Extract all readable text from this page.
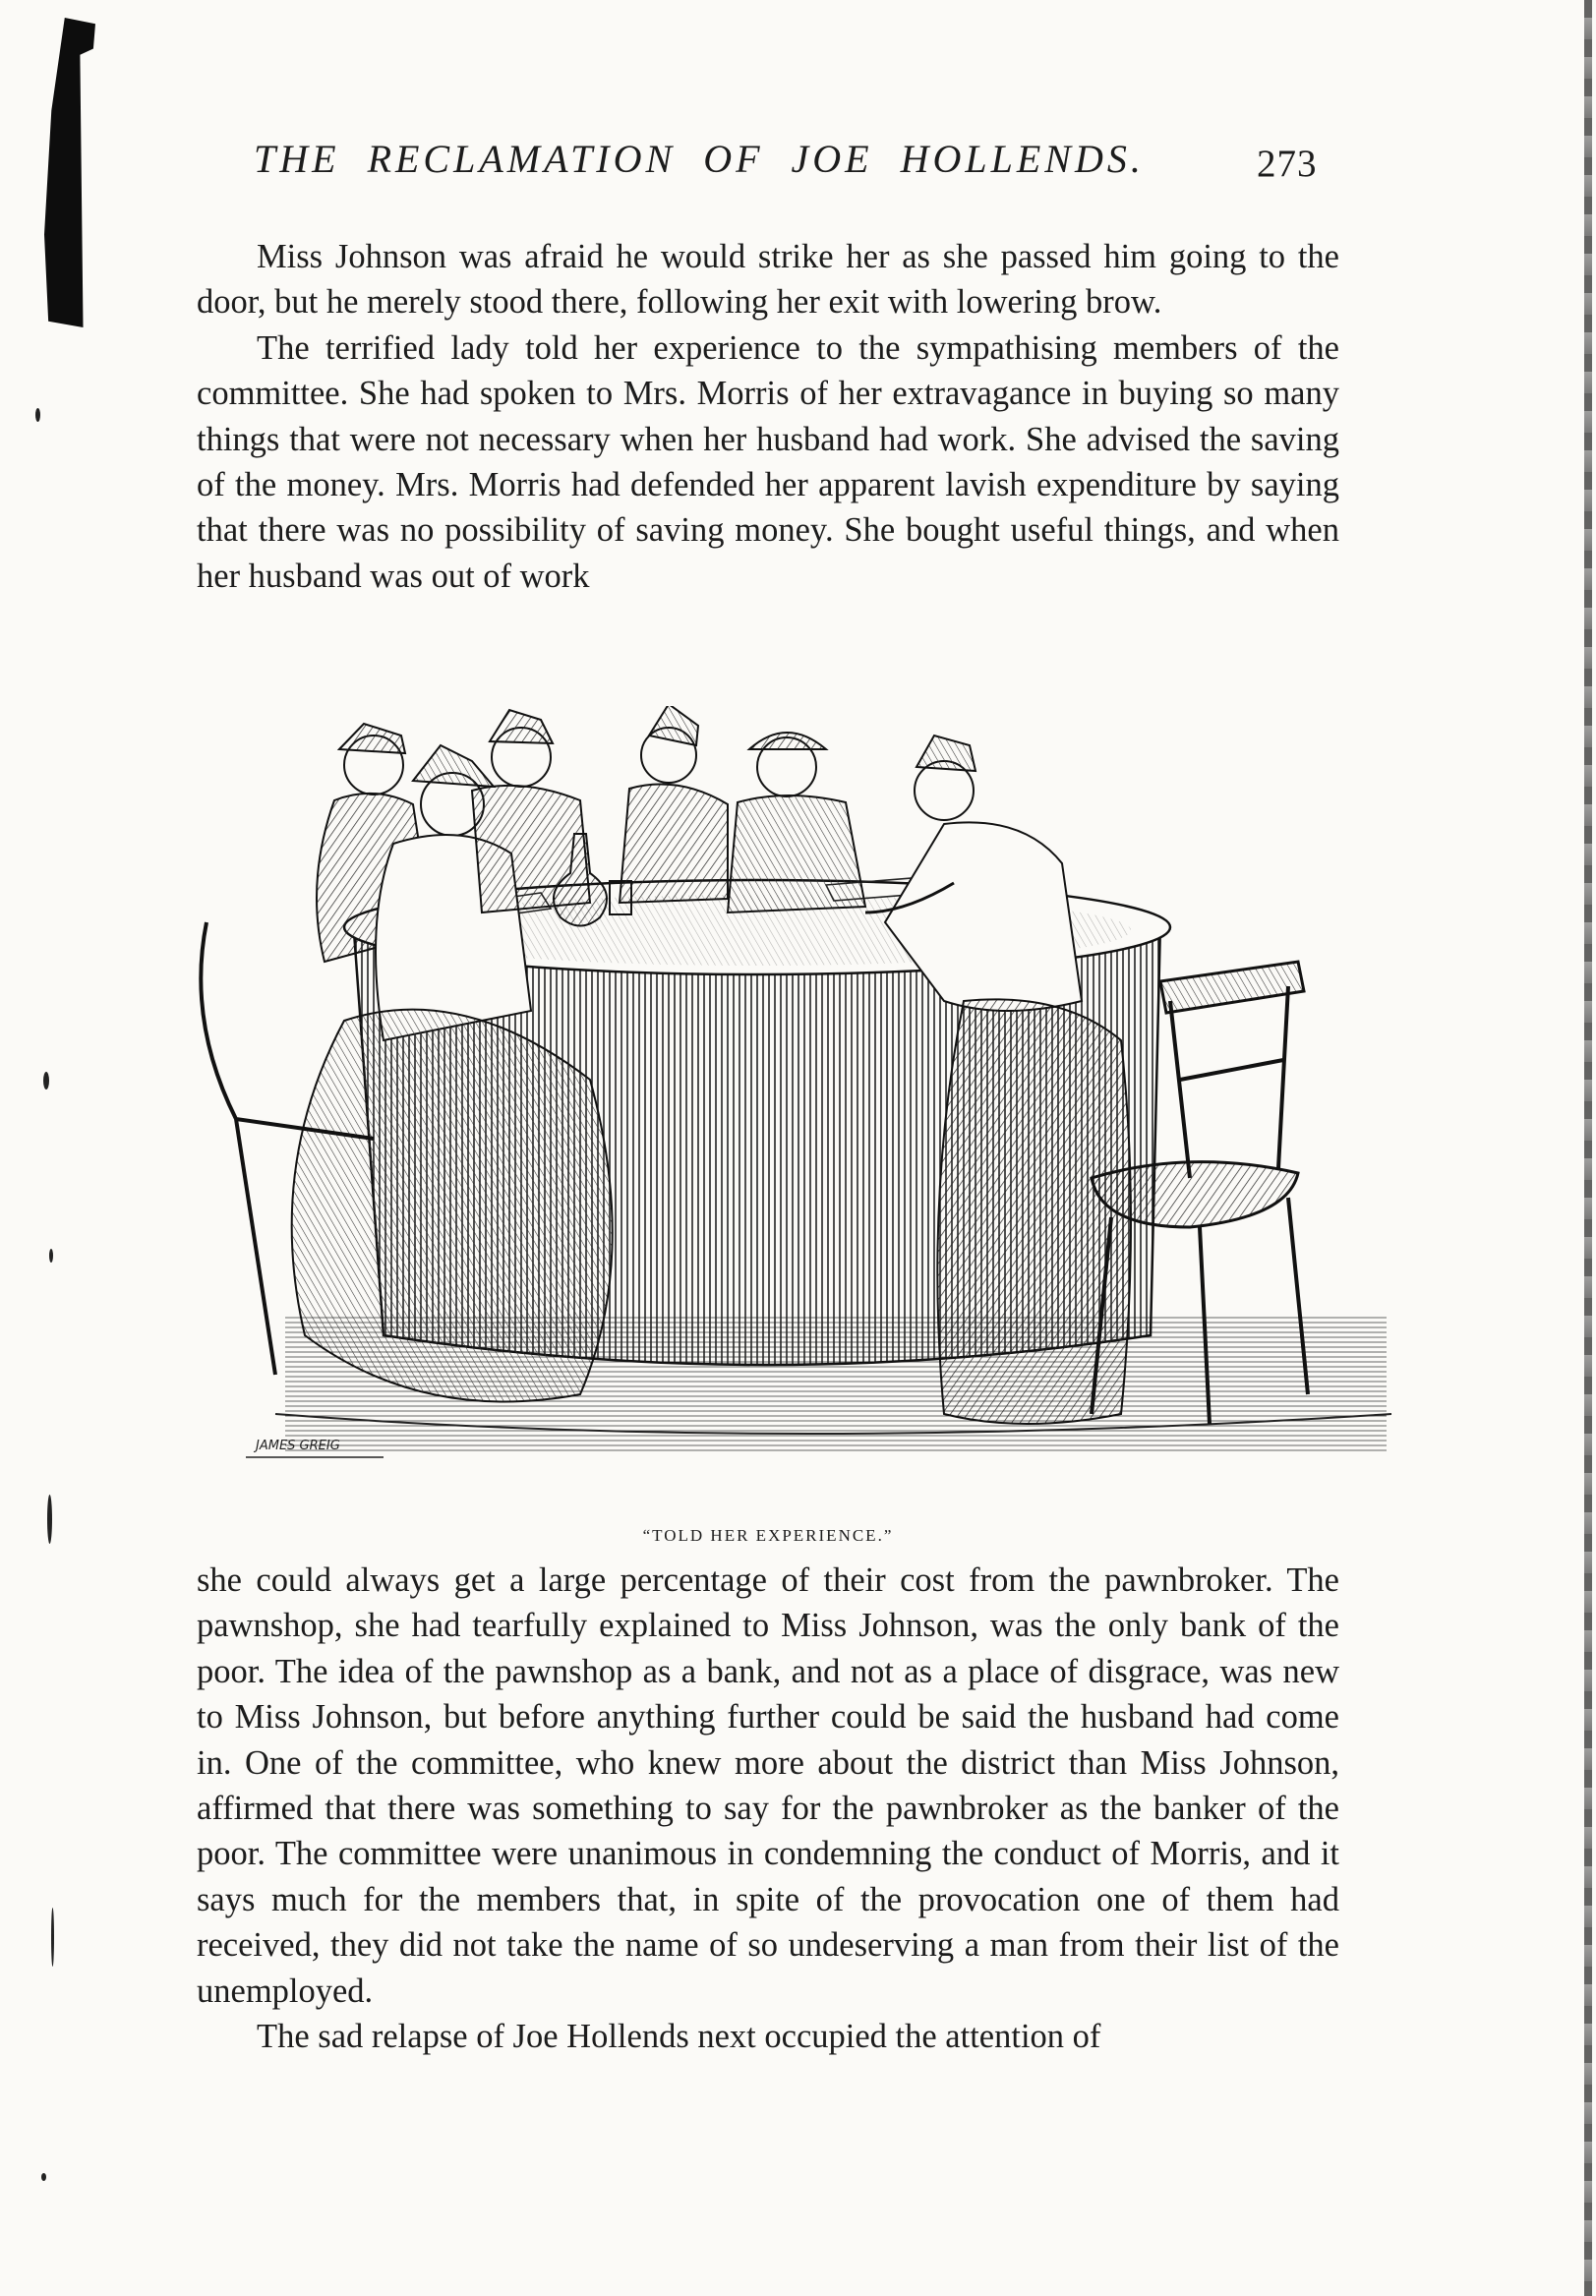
THE RECLAMATION OF JOE HOLLENDS.	273

Miss Johnson was afraid he would strike her as she passed him going to the door, but he merely stood there, following her exit with lowering brow.

The terrified lady told her experience to the sympathising members of the committee. She had spoken to Mrs. Morris of her extravagance in buying so many things that were not necessary when her husband had work. She advised the saving of the money. Mrs. Morris had defended her apparent lavish expenditure by saying that there was no possibility of saving money. She bought useful things, and when her husband was out of work

JAMES GREIG
“TOLD HER EXPERIENCE.”

she could always get a large percentage of their cost from the pawnbroker. The pawnshop, she had tearfully explained to Miss Johnson, was the only bank of the poor. The idea of the pawnshop as a bank, and not as a place of disgrace, was new to Miss Johnson, but before anything further could be said the husband had come in. One of the committee, who knew more about the district than Miss Johnson, affirmed that there was something to say for the pawnbroker as the banker of the poor. The committee were unanimous in condemning the conduct of Morris, and it says much for the members that, in spite of the provocation one of them had received, they did not take the name of so undeserving a man from their list of the unemployed.

The sad relapse of Joe Hollends next occupied the attention of
